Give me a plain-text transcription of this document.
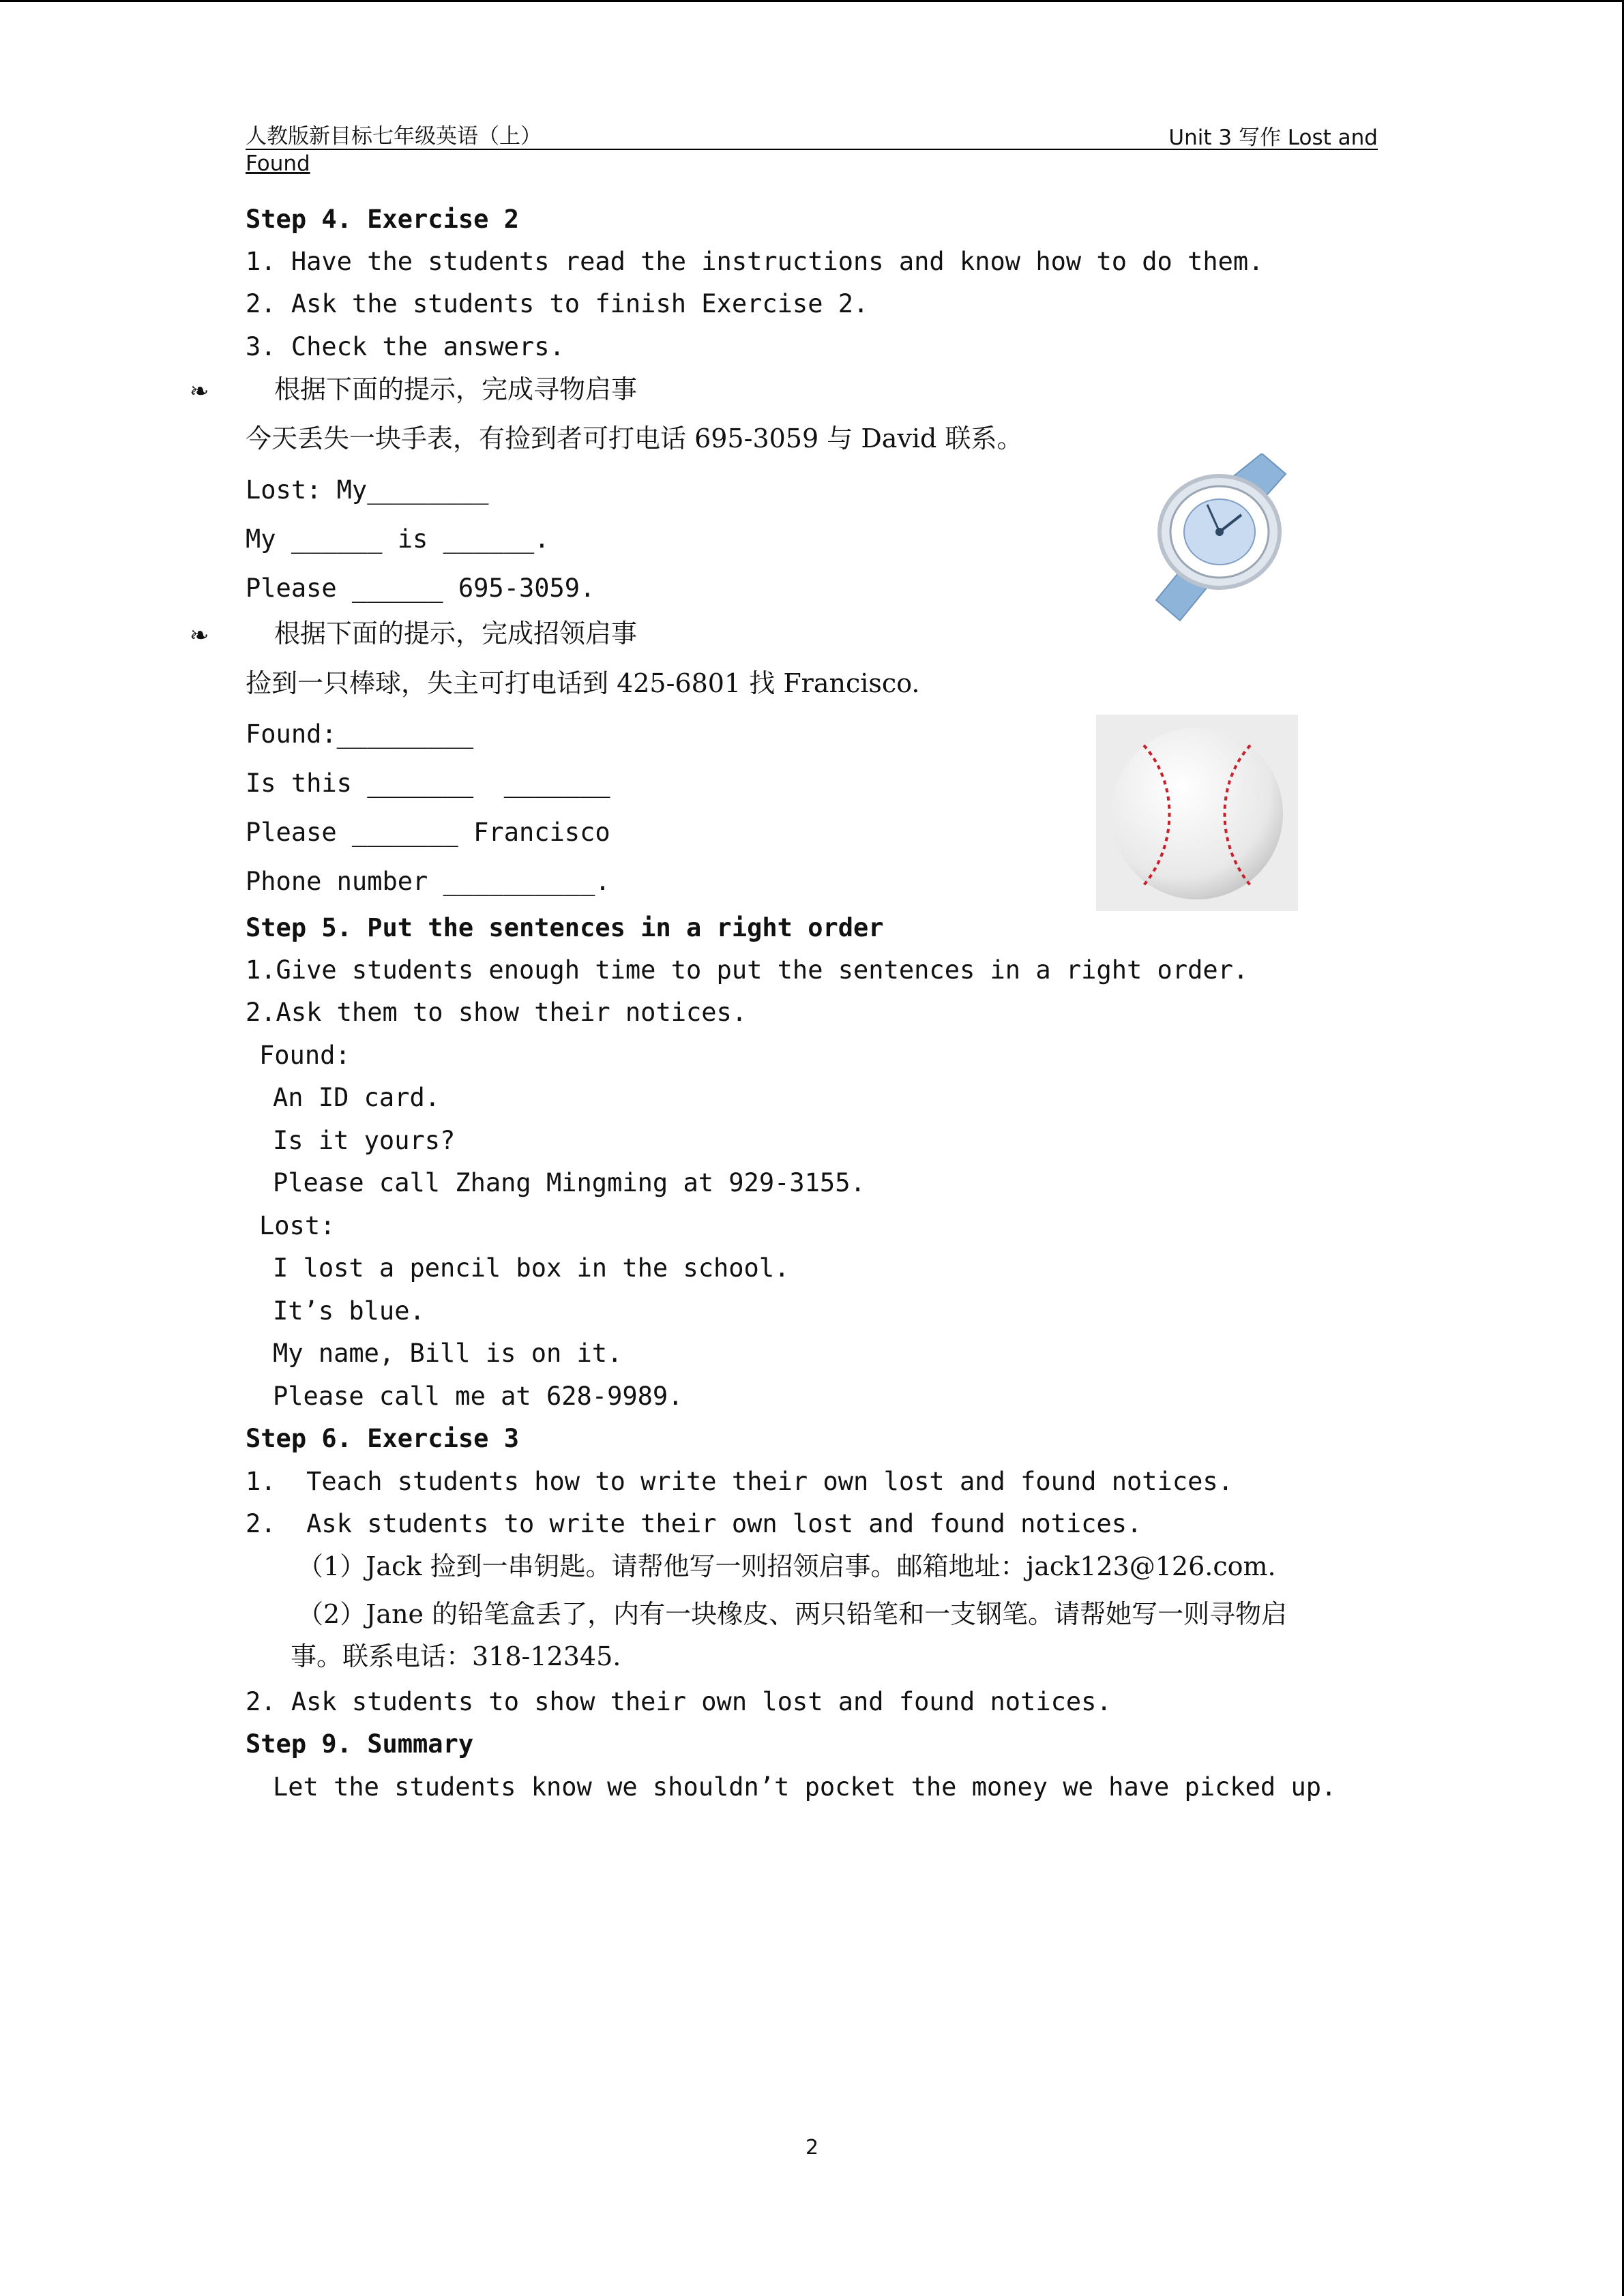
人教版新目标七年级英语（上）	Unit 3 写作 Lost and
Found
Step 4. Exercise 2
1. Have the students read the instructions and know how to do them.
2. Ask the students to finish Exercise 2.
3. Check the answers.
❧	根据下面的提示，完成寻物启事
今天丢失一块手表，有捡到者可打电话 695-3059 与 David 联系。
Lost: My________
My ______ is ______.
Please ______ 695-3059.
❧	根据下面的提示，完成招领启事
捡到一只棒球，失主可打电话到 425-6801 找 Francisco.
Found:_________
Is this _______  _______
Please _______ Francisco
Phone number __________.
Step 5. Put the sentences in a right order
1.Give students enough time to put the sentences in a right order.
2.Ask them to show their notices.
Found:
An ID card.
Is it yours?
Please call Zhang Mingming at 929-3155.
Lost:
I lost a pencil box in the school.
It’s blue.
My name, Bill is on it.
Please call me at 628-9989.
Step 6. Exercise 3
1.  Teach students how to write their own lost and found notices.
2.  Ask students to write their own lost and found notices.
（1）Jack 捡到一串钥匙。请帮他写一则招领启事。邮箱地址：jack123@126.com.
（2）Jane 的铅笔盒丢了，内有一块橡皮、两只铅笔和一支钢笔。请帮她写一则寻物启
事。联系电话：318-12345.
2. Ask students to show their own lost and found notices.
Step 9. Summary
Let the students know we shouldn’t pocket the money we have picked up.
2
